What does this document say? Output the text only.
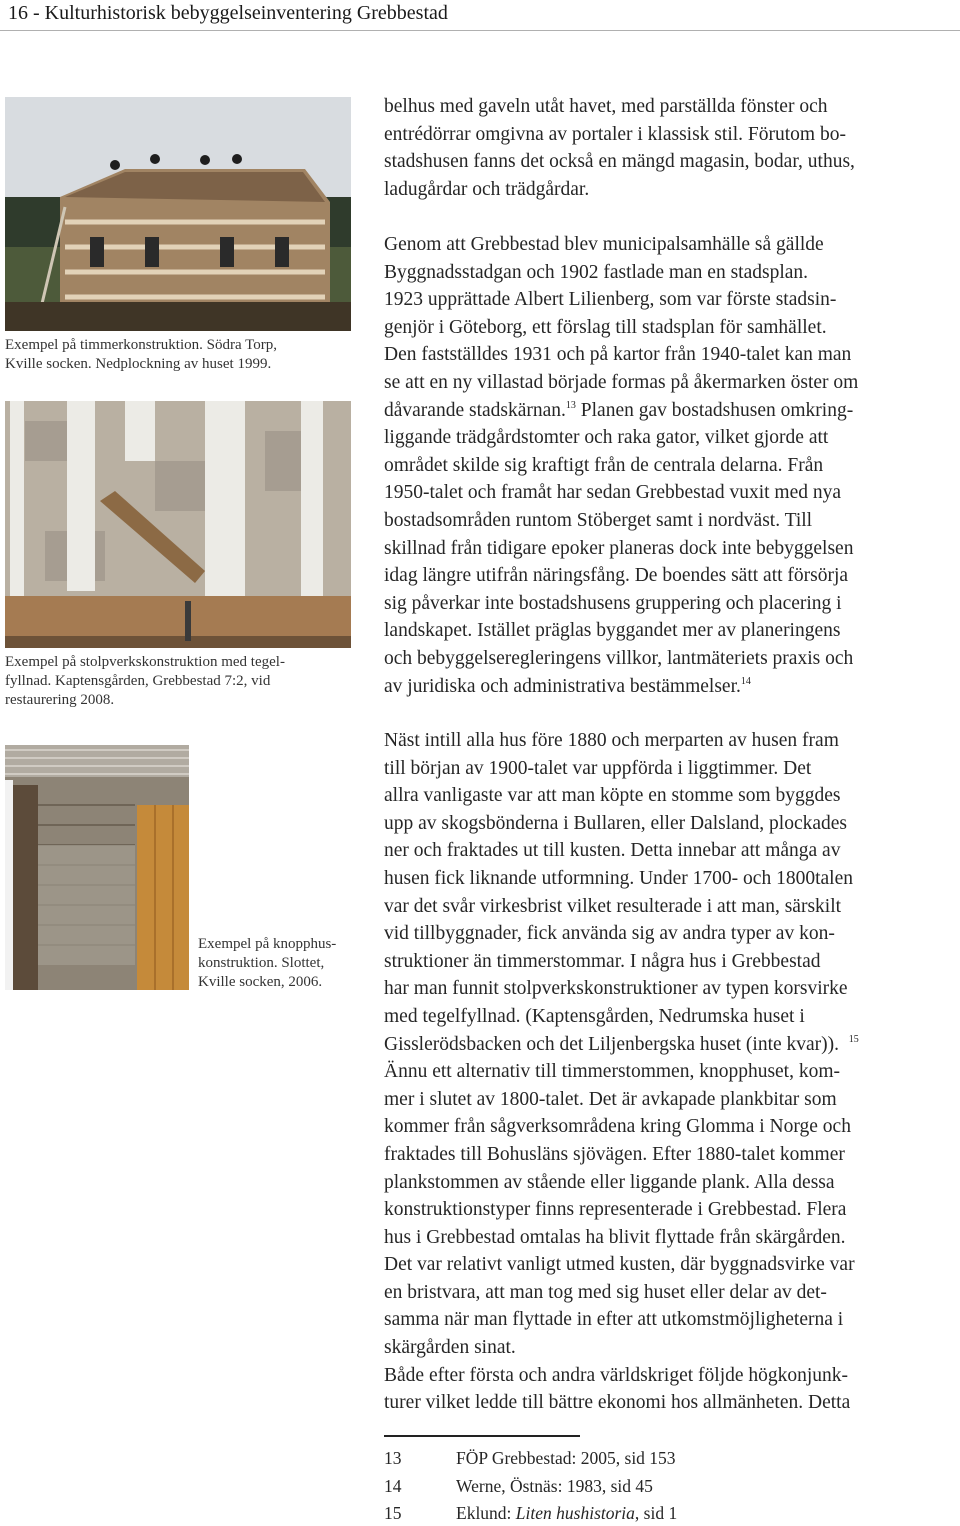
16 - Kulturhistorisk bebyggelseinventering Grebbestad
Exempel på timmerkonstruktion. Södra Torp,
Kville socken. Nedplockning av huset 1999.
Exempel på stolpverkskonstruktion med tegel-
fyllnad. Kaptensgården, Grebbestad 7:2, vid
restaurering 2008.
Exempel på knopphus-
konstruktion. Slottet,
Kville socken, 2006.
belhus med gaveln utåt havet, med parställda fönster och
entrédörrar omgivna av portaler i klassisk stil. Förutom bo-
stadshusen fanns det också en mängd magasin, bodar, uthus,
ladugårdar och trädgårdar.
Genom att Grebbestad blev municipalsamhälle så gällde
Byggnadsstadgan och 1902 fastlade man en stadsplan.
1923 upprättade Albert Lilienberg, som var förste stadsin-
genjör i Göteborg, ett förslag till stadsplan för samhället.
Den fastställdes 1931 och på kartor från 1940-talet kan man
se att en ny villastad började formas på åkermarken öster om
dåvarande stadskärnan.$^{13}$ Planen gav bostadshusen omkring-
liggande trädgårdstomter och raka gator, vilket gjorde att
området skilde sig kraftigt från de centrala delarna. Från
1950-talet och framåt har sedan Grebbestad vuxit med nya
bostadsområden runtom Stöberget samt i nordväst. Till
skillnad från tidigare epoker planeras dock inte bebyggelsen
idag längre utifrån näringsfång. De boendes sätt att försörja
sig påverkar inte bostadshusens gruppering och placering i
landskapet. Istället präglas byggandet mer av planeringens
och bebyggelseregleringens villkor, lantmäteriets praxis och
av juridiska och administrativa bestämmelser.$^{14}$
Näst intill alla hus före 1880 och merparten av husen fram
till början av 1900-talet var uppförda i liggtimmer. Det
allra vanligaste var att man köpte en stomme som byggdes
upp av skogsbönderna i Bullaren, eller Dalsland, plockades
ner och fraktades ut till kusten. Detta innebar att många av
husen fick liknande utformning. Under 1700- och 1800talen
var det svår virkesbrist vilket resulterade i att man, särskilt
vid tillbyggnader, fick använda sig av andra typer av kon-
struktioner än timmerstommar. I några hus i Grebbestad
har man funnit stolpverkskonstruktioner av typen korsvirke
med tegelfyllnad. (Kaptensgården, Nedrumska huset i
Gisslerödsbacken och det Liljenbergska huset (inte kvar)). $^{15}$
Ännu ett alternativ till timmerstommen, knopphuset, kom-
mer i slutet av 1800-talet. Det är avkapade plankbitar som
kommer från sågverksområdena kring Glomma i Norge och
fraktades till Bohusläns sjövägen. Efter 1880-talet kommer
plankstommen av stående eller liggande plank. Alla dessa
konstruktionstyper finns representerade i Grebbestad. Flera
hus i Grebbestad omtalas ha blivit flyttade från skärgården.
Det var relativt vanligt utmed kusten, där byggnadsvirke var
en bristvara, att man tog med sig huset eller delar av det-
samma när man flyttade in efter att utkomstmöjligheterna i
skärgården sinat.
Både efter första och andra världskriget följde högkonjunk-
turer vilket ledde till bättre ekonomi hos allmänheten. Detta
13	FÖP Grebbestad: 2005, sid 153
14	Werne, Östnäs: 1983, sid 45
15	Eklund: Liten hushistoria, sid 1
